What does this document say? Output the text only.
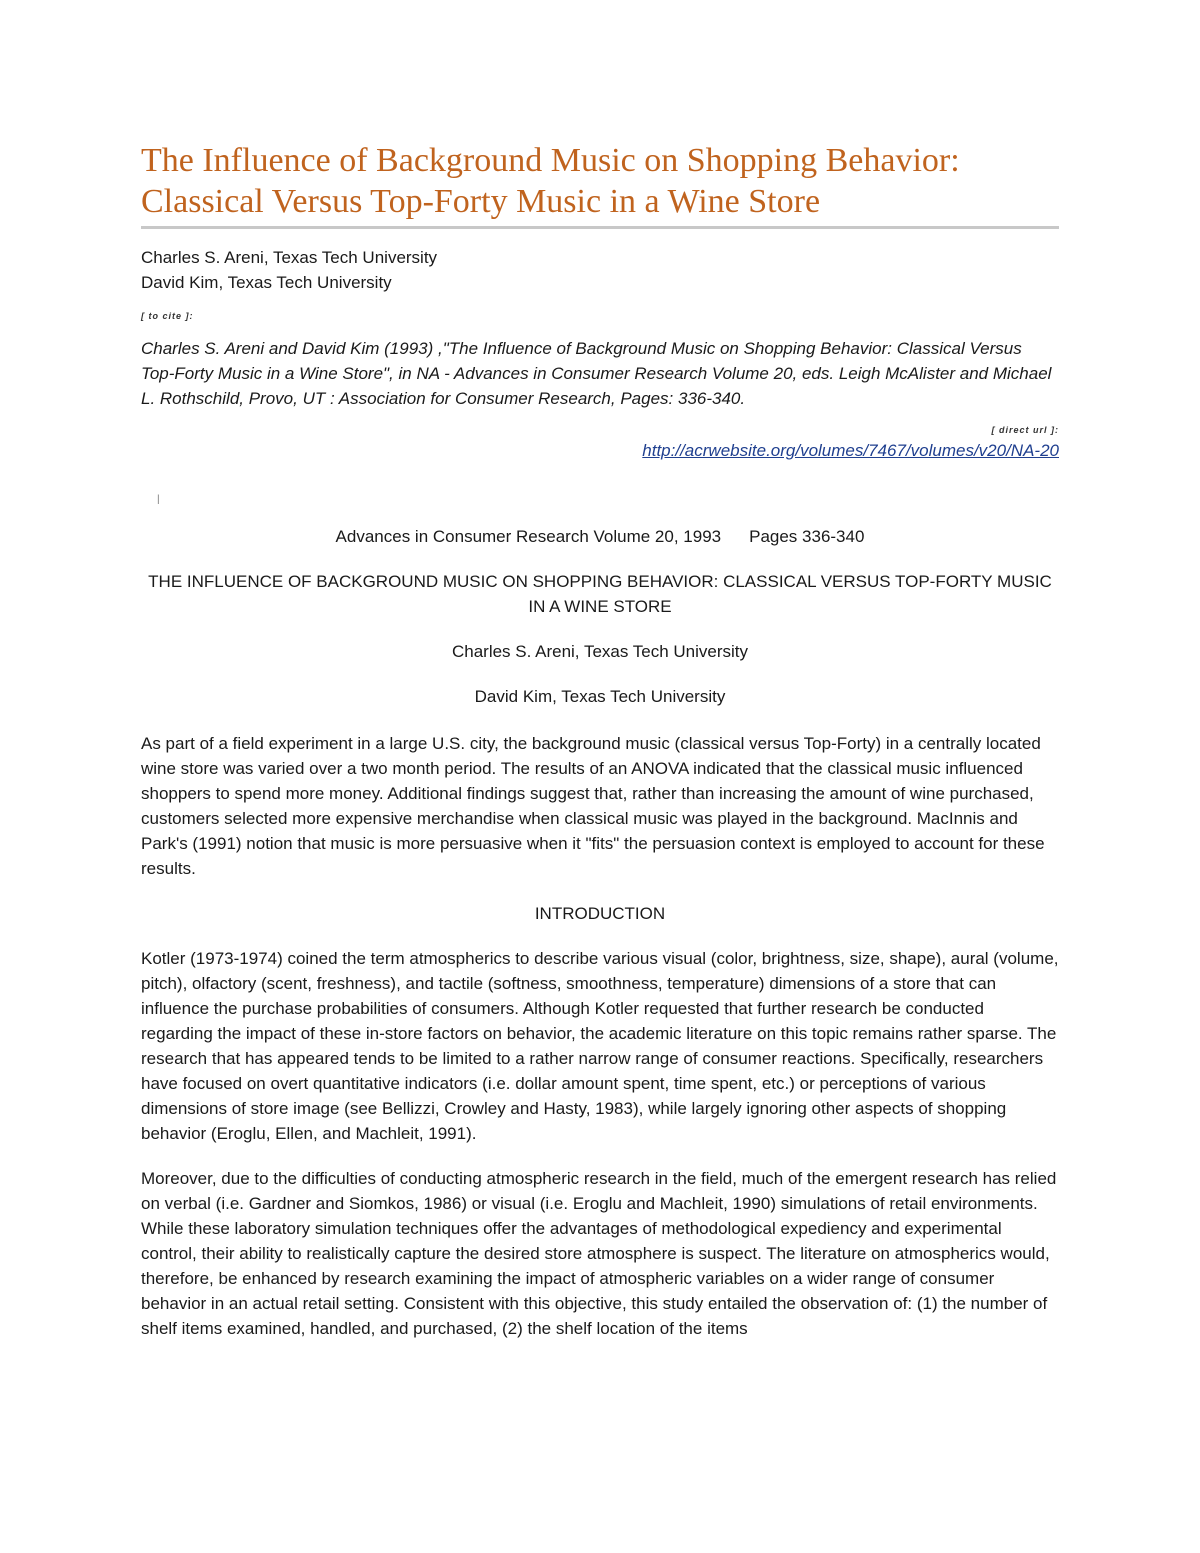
The Influence of Background Music on Shopping Behavior: Classical Versus Top-Forty Music in a Wine Store
Charles S. Areni, Texas Tech University
David Kim, Texas Tech University
[ to cite ]:
Charles S. Areni and David Kim (1993) ,"The Influence of Background Music on Shopping Behavior: Classical Versus Top-Forty Music in a Wine Store", in NA - Advances in Consumer Research Volume 20, eds. Leigh McAlister and Michael L. Rothschild, Provo, UT : Association for Consumer Research, Pages: 336-340.
[ direct url ]:
http://acrwebsite.org/volumes/7467/volumes/v20/NA-20
|
Advances in Consumer Research Volume 20, 1993 Pages 336-340
THE INFLUENCE OF BACKGROUND MUSIC ON SHOPPING BEHAVIOR: CLASSICAL VERSUS TOP-FORTY MUSIC IN A WINE STORE
Charles S. Areni, Texas Tech University
David Kim, Texas Tech University

As part of a field experiment in a large U.S. city, the background music (classical versus Top-Forty) in a centrally located wine store was varied over a two month period. The results of an ANOVA indicated that the classical music influenced shoppers to spend more money. Additional findings suggest that, rather than increasing the amount of wine purchased, customers selected more expensive merchandise when classical music was played in the background. MacInnis and Park's (1991) notion that music is more persuasive when it "fits" the persuasion context is employed to account for these results.

INTRODUCTION

Kotler (1973-1974) coined the term atmospherics to describe various visual (color, brightness, size, shape), aural (volume, pitch), olfactory (scent, freshness), and tactile (softness, smoothness, temperature) dimensions of a store that can influence the purchase probabilities of consumers. Although Kotler requested that further research be conducted regarding the impact of these in-store factors on behavior, the academic literature on this topic remains rather sparse. The research that has appeared tends to be limited to a rather narrow range of consumer reactions. Specifically, researchers have focused on overt quantitative indicators (i.e. dollar amount spent, time spent, etc.) or perceptions of various dimensions of store image (see Bellizzi, Crowley and Hasty, 1983), while largely ignoring other aspects of shopping behavior (Eroglu, Ellen, and Machleit, 1991).

Moreover, due to the difficulties of conducting atmospheric research in the field, much of the emergent research has relied on verbal (i.e. Gardner and Siomkos, 1986) or visual (i.e. Eroglu and Machleit, 1990) simulations of retail environments. While these laboratory simulation techniques offer the advantages of methodological expediency and experimental control, their ability to realistically capture the desired store atmosphere is suspect. The literature on atmospherics would, therefore, be enhanced by research examining the impact of atmospheric variables on a wider range of consumer behavior in an actual retail setting. Consistent with this objective, this study entailed the observation of: (1) the number of shelf items examined, handled, and purchased, (2) the shelf location of the items
